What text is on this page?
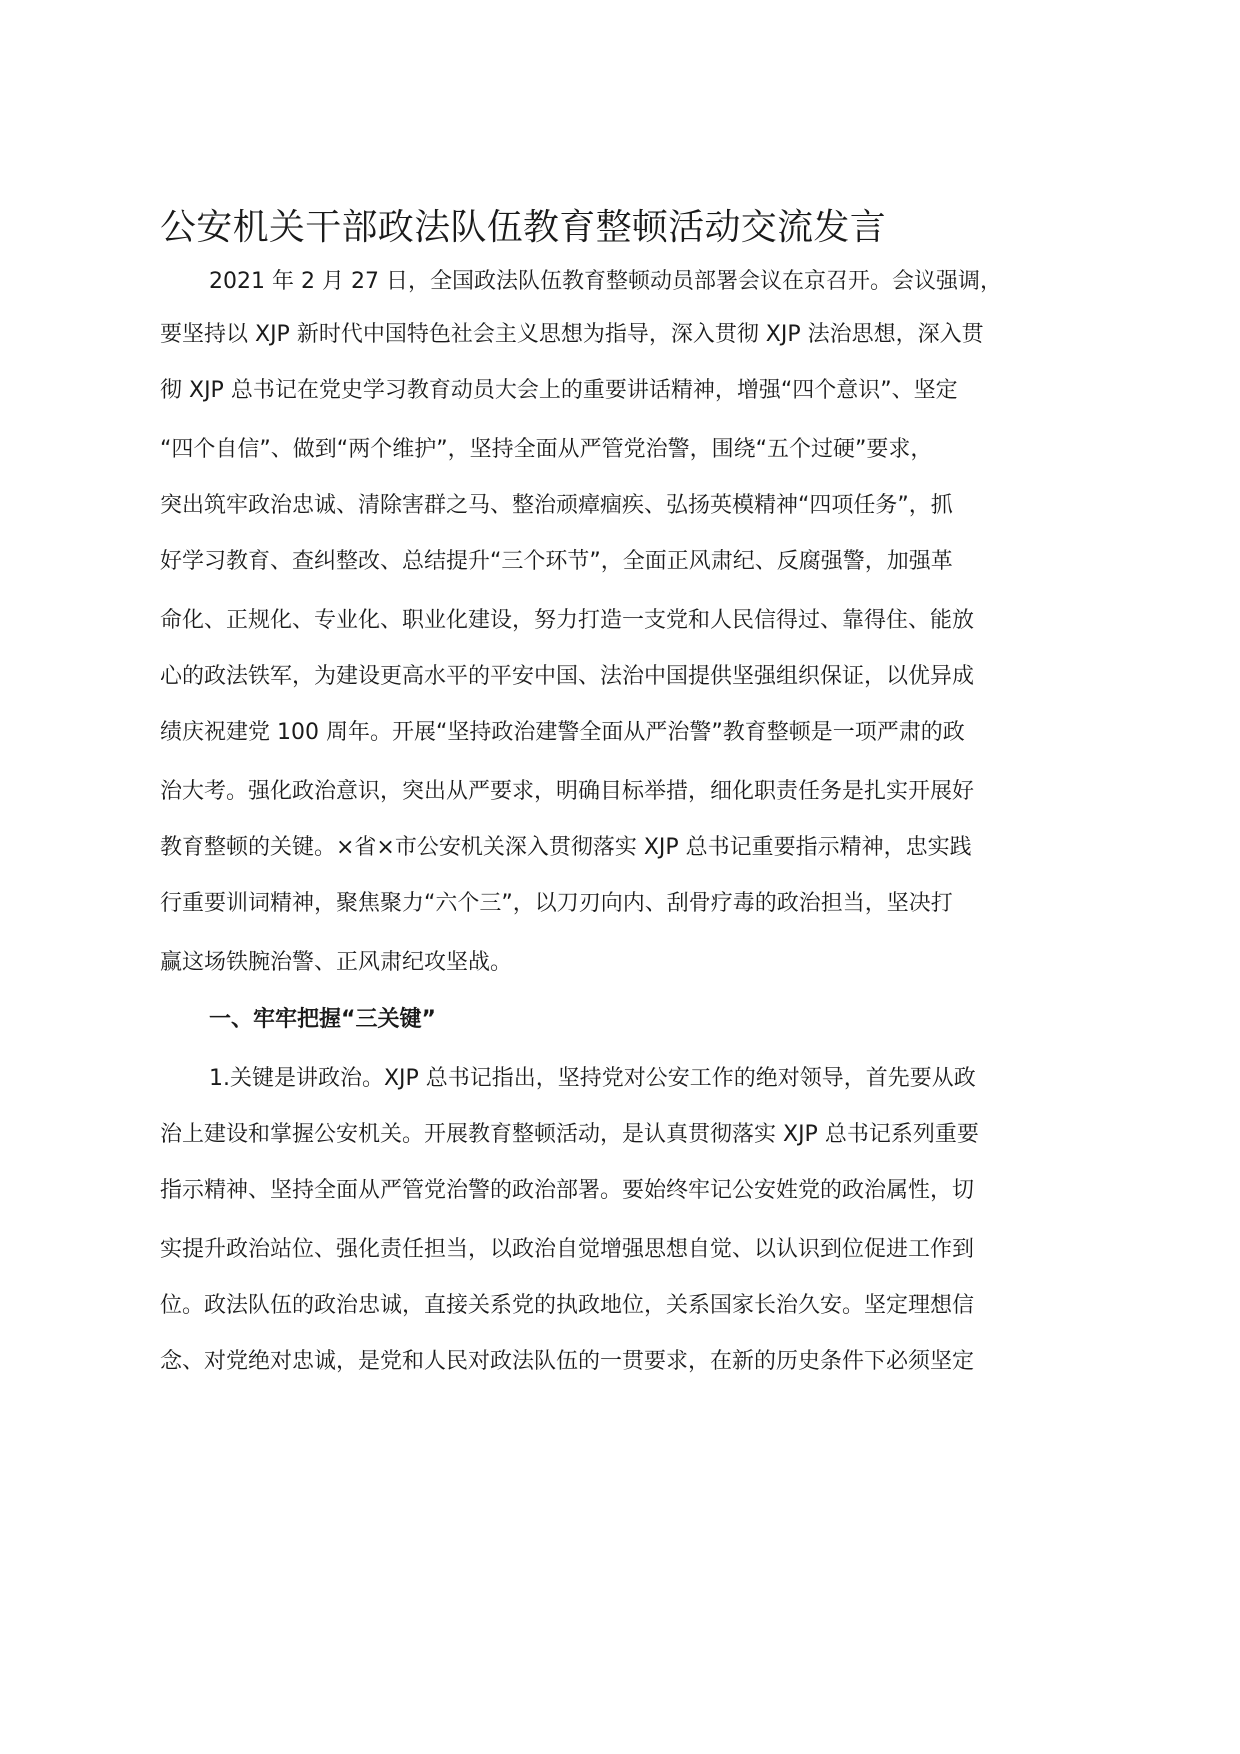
公安机关干部政法队伍教育整顿活动交流发言

2021 年 2 月 27 日，全国政法队伍教育整顿动员部署会议在京召开。会议强调，

要坚持以 XJP 新时代中国特色社会主义思想为指导，深入贯彻 XJP 法治思想，深入贯

彻 XJP 总书记在党史学习教育动员大会上的重要讲话精神，增强“四个意识”、坚定

“四个自信”、做到“两个维护”，坚持全面从严管党治警，围绕“五个过硬”要求，

突出筑牢政治忠诚、清除害群之马、整治顽瘴痼疾、弘扬英模精神“四项任务”，抓

好学习教育、查纠整改、总结提升“三个环节”，全面正风肃纪、反腐强警，加强革

命化、正规化、专业化、职业化建设，努力打造一支党和人民信得过、靠得住、能放

心的政法铁军，为建设更高水平的平安中国、法治中国提供坚强组织保证，以优异成

绩庆祝建党 100 周年。开展“坚持政治建警全面从严治警”教育整顿是一项严肃的政

治大考。强化政治意识，突出从严要求，明确目标举措，细化职责任务是扎实开展好

教育整顿的关键。×省×市公安机关深入贯彻落实 XJP 总书记重要指示精神，忠实践

行重要训词精神，聚焦聚力“六个三”，以刀刃向内、刮骨疗毒的政治担当，坚决打

赢这场铁腕治警、正风肃纪攻坚战。

一、牢牢把握“三关键”

1.关键是讲政治。XJP 总书记指出，坚持党对公安工作的绝对领导，首先要从政

治上建设和掌握公安机关。开展教育整顿活动，是认真贯彻落实 XJP 总书记系列重要

指示精神、坚持全面从严管党治警的政治部署。要始终牢记公安姓党的政治属性，切

实提升政治站位、强化责任担当，以政治自觉增强思想自觉、以认识到位促进工作到

位。政法队伍的政治忠诚，直接关系党的执政地位，关系国家长治久安。坚定理想信

念、对党绝对忠诚，是党和人民对政法队伍的一贯要求，在新的历史条件下必须坚定
